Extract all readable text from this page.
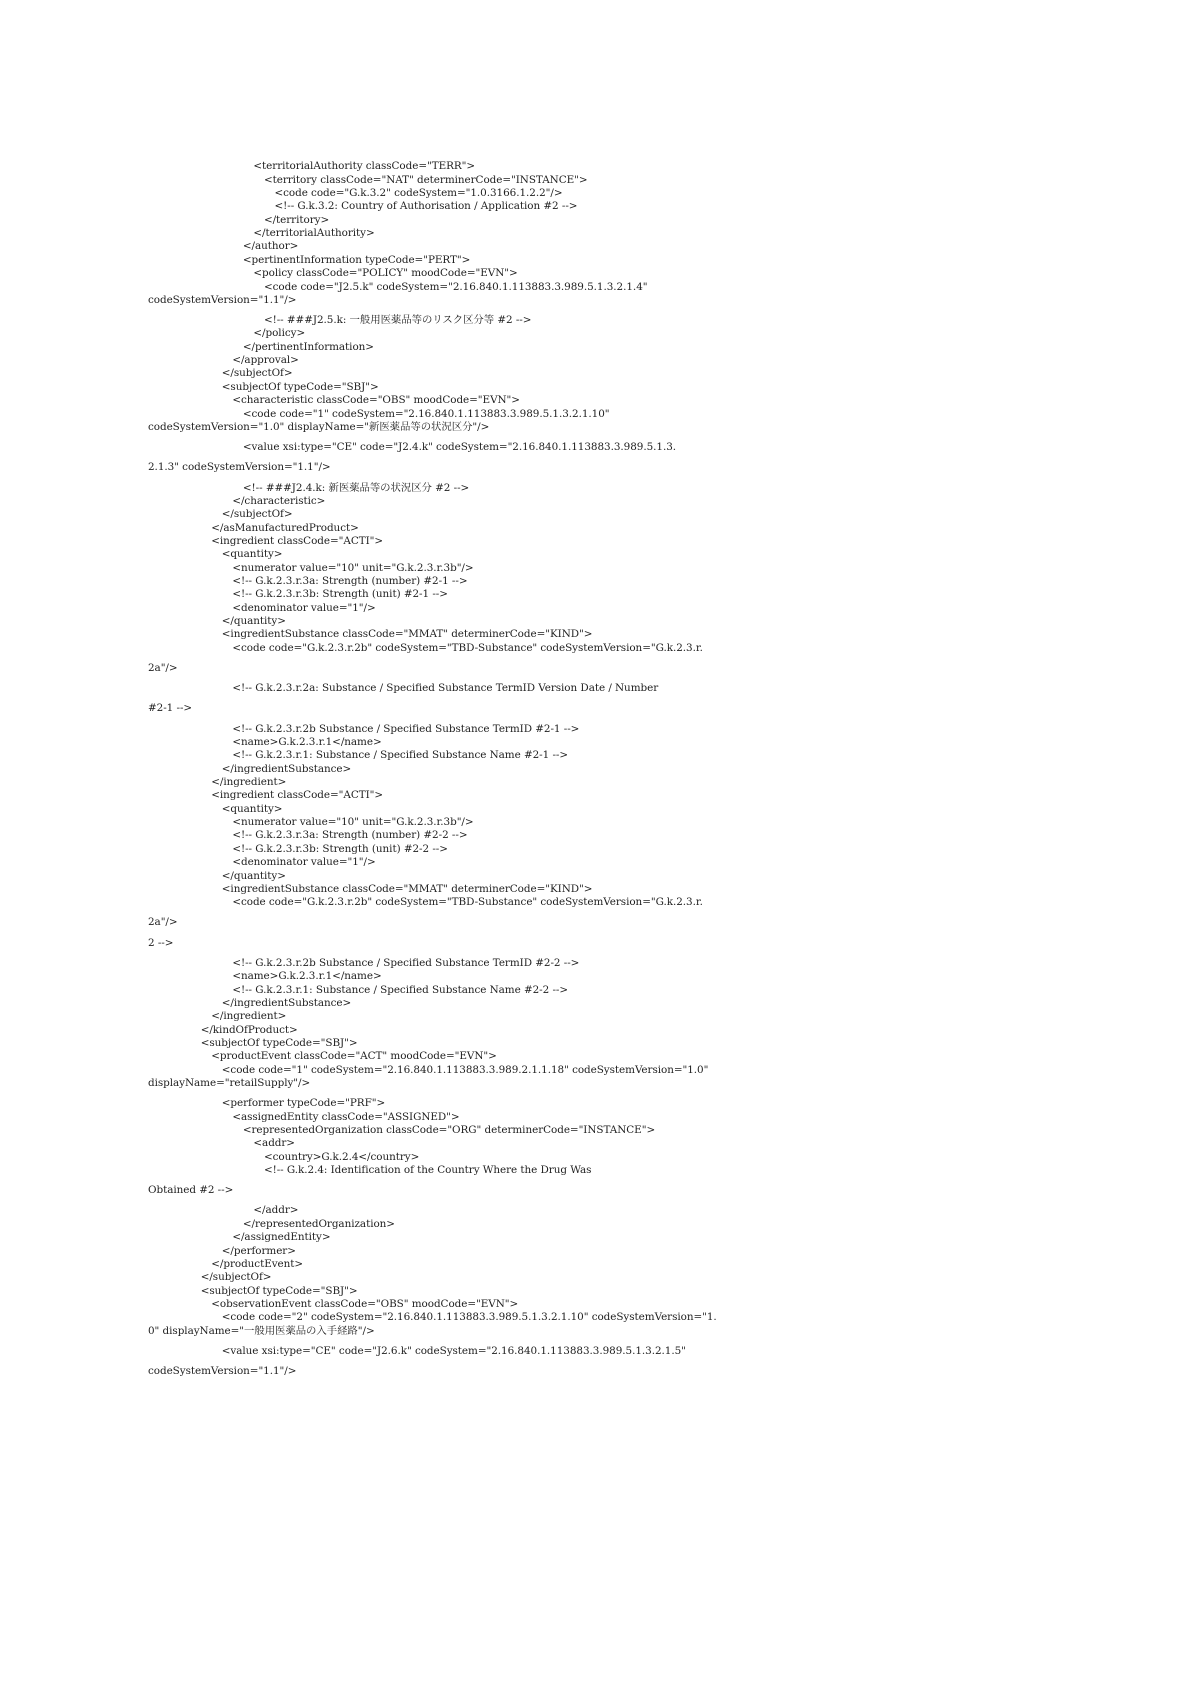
<territorialAuthority classCode="TERR">
<territory classCode="NAT" determinerCode="INSTANCE">
<code code="G.k.3.2" codeSystem="1.0.3166.1.2.2"/>
<!-- G.k.3.2: Country of Authorisation / Application #2 -->
</territory>
</territorialAuthority>
</author>
<pertinentInformation typeCode="PERT">
<policy classCode="POLICY" moodCode="EVN">
<code code="J2.5.k" codeSystem="2.16.840.1.113883.3.989.5.1.3.2.1.4"
codeSystemVersion="1.1"/>
<!-- ###J2.5.k: 一般用医薬品等のリスク区分等 #2 -->
</policy>
</pertinentInformation>
</approval>
</subjectOf>
<subjectOf typeCode="SBJ">
<characteristic classCode="OBS" moodCode="EVN">
<code code="1" codeSystem="2.16.840.1.113883.3.989.5.1.3.2.1.10"
codeSystemVersion="1.0" displayName="新医薬品等の状況区分"/>
<value xsi:type="CE" code="J2.4.k" codeSystem="2.16.840.1.113883.3.989.5.1.3.
2.1.3" codeSystemVersion="1.1"/>
<!-- ###J2.4.k: 新医薬品等の状況区分 #2 -->
</characteristic>
</subjectOf>
</asManufacturedProduct>
<ingredient classCode="ACTI">
<quantity>
<numerator value="10" unit="G.k.2.3.r.3b"/>
<!-- G.k.2.3.r.3a: Strength (number) #2-1 -->
<!-- G.k.2.3.r.3b: Strength (unit) #2-1 -->
<denominator value="1"/>
</quantity>
<ingredientSubstance classCode="MMAT" determinerCode="KIND">
<code code="G.k.2.3.r.2b" codeSystem="TBD-Substance" codeSystemVersion="G.k.2.3.r.
2a"/>
<!-- G.k.2.3.r.2a: Substance / Specified Substance TermID Version Date / Number
#2-1 -->
<!-- G.k.2.3.r.2b Substance / Specified Substance TermID #2-1 -->
<name>G.k.2.3.r.1</name>
<!-- G.k.2.3.r.1: Substance / Specified Substance Name #2-1 -->
</ingredientSubstance>
</ingredient>
<ingredient classCode="ACTI">
<quantity>
<numerator value="10" unit="G.k.2.3.r.3b"/>
<!-- G.k.2.3.r.3a: Strength (number) #2-2 -->
<!-- G.k.2.3.r.3b: Strength (unit) #2-2 -->
<denominator value="1"/>
</quantity>
<ingredientSubstance classCode="MMAT" determinerCode="KIND">
<code code="G.k.2.3.r.2b" codeSystem="TBD-Substance" codeSystemVersion="G.k.2.3.r.
2a"/>
2 -->
<!-- G.k.2.3.r.2b Substance / Specified Substance TermID #2-2 -->
<name>G.k.2.3.r.1</name>
<!-- G.k.2.3.r.1: Substance / Specified Substance Name #2-2 -->
</ingredientSubstance>
</ingredient>
</kindOfProduct>
<subjectOf typeCode="SBJ">
<productEvent classCode="ACT" moodCode="EVN">
<code code="1" codeSystem="2.16.840.1.113883.3.989.2.1.1.18" codeSystemVersion="1.0"
displayName="retailSupply"/>
<performer typeCode="PRF">
<assignedEntity classCode="ASSIGNED">
<representedOrganization classCode="ORG" determinerCode="INSTANCE">
<addr>
<country>G.k.2.4</country>
<!-- G.k.2.4: Identification of the Country Where the Drug Was
Obtained #2 -->
</addr>
</representedOrganization>
</assignedEntity>
</performer>
</productEvent>
</subjectOf>
<subjectOf typeCode="SBJ">
<observationEvent classCode="OBS" moodCode="EVN">
<code code="2" codeSystem="2.16.840.1.113883.3.989.5.1.3.2.1.10" codeSystemVersion="1.
0" displayName="一般用医薬品の入手経路"/>
<value xsi:type="CE" code="J2.6.k" codeSystem="2.16.840.1.113883.3.989.5.1.3.2.1.5"
codeSystemVersion="1.1"/>
